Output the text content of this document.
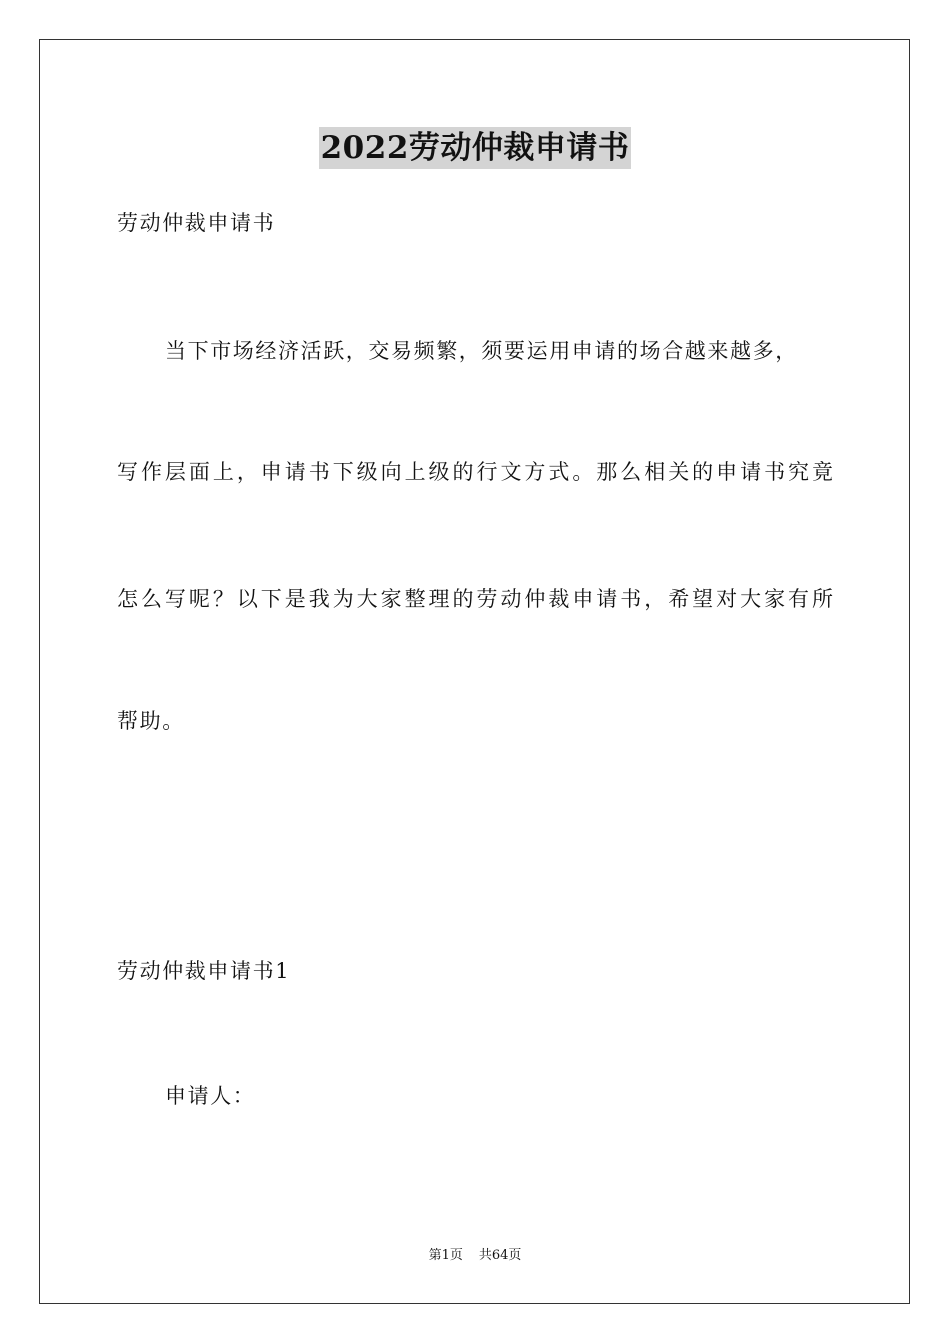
2022劳动仲裁申请书
劳动仲裁申请书
当下市场经济活跃，交易频繁，须要运用申请的场合越来越多，
写作层面上，申请书下级向上级的行文方式。那么相关的申请书究竟
怎么写呢？以下是我为大家整理的劳动仲裁申请书，希望对大家有所
帮助。
劳动仲裁申请书1
申请人：
第1页 共64页
